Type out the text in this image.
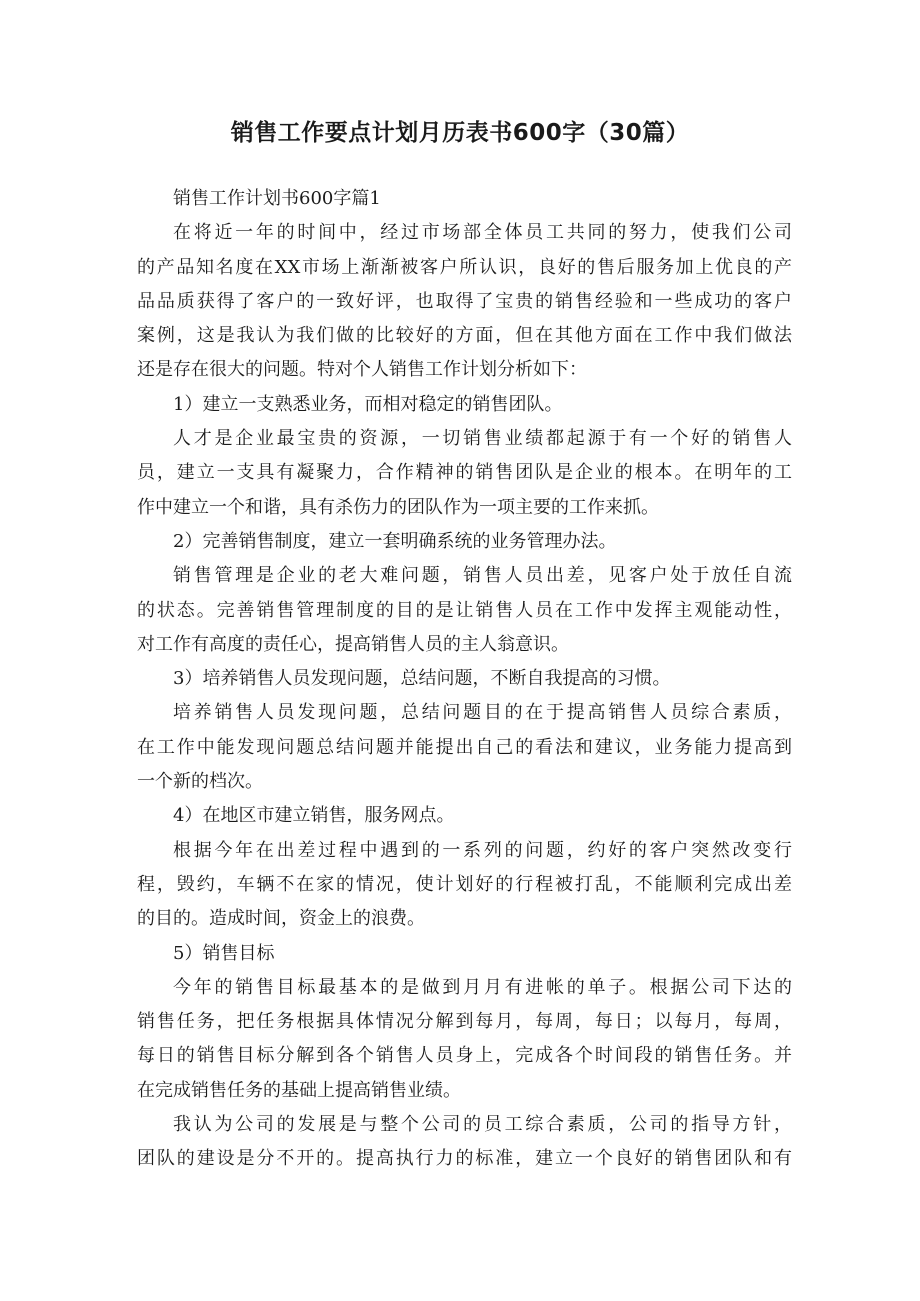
销售工作要点计划月历表书600字（30篇）
销售工作计划书600字篇1
在将近一年的时间中，经过市场部全体员工共同的努力，使我们公司
的产品知名度在XX市场上渐渐被客户所认识，良好的售后服务加上优良的产
品品质获得了客户的一致好评，也取得了宝贵的销售经验和一些成功的客户
案例，这是我认为我们做的比较好的方面，但在其他方面在工作中我们做法
还是存在很大的问题。特对个人销售工作计划分析如下：
1）建立一支熟悉业务，而相对稳定的销售团队。
人才是企业最宝贵的资源，一切销售业绩都起源于有一个好的销售人
员，建立一支具有凝聚力，合作精神的销售团队是企业的根本。在明年的工
作中建立一个和谐，具有杀伤力的团队作为一项主要的工作来抓。
2）完善销售制度，建立一套明确系统的业务管理办法。
销售管理是企业的老大难问题，销售人员出差，见客户处于放任自流
的状态。完善销售管理制度的目的是让销售人员在工作中发挥主观能动性，
对工作有高度的责任心，提高销售人员的主人翁意识。
3）培养销售人员发现问题，总结问题，不断自我提高的习惯。
培养销售人员发现问题，总结问题目的在于提高销售人员综合素质，
在工作中能发现问题总结问题并能提出自己的看法和建议，业务能力提高到
一个新的档次。
4）在地区市建立销售，服务网点。
根据今年在出差过程中遇到的一系列的问题，约好的客户突然改变行
程，毁约，车辆不在家的情况，使计划好的行程被打乱，不能顺利完成出差
的目的。造成时间，资金上的浪费。
5）销售目标
今年的销售目标最基本的是做到月月有进帐的单子。根据公司下达的
销售任务，把任务根据具体情况分解到每月，每周，每日；以每月，每周，
每日的销售目标分解到各个销售人员身上，完成各个时间段的销售任务。并
在完成销售任务的基础上提高销售业绩。
我认为公司的发展是与整个公司的员工综合素质，公司的指导方针，
团队的建设是分不开的。提高执行力的标准，建立一个良好的销售团队和有
